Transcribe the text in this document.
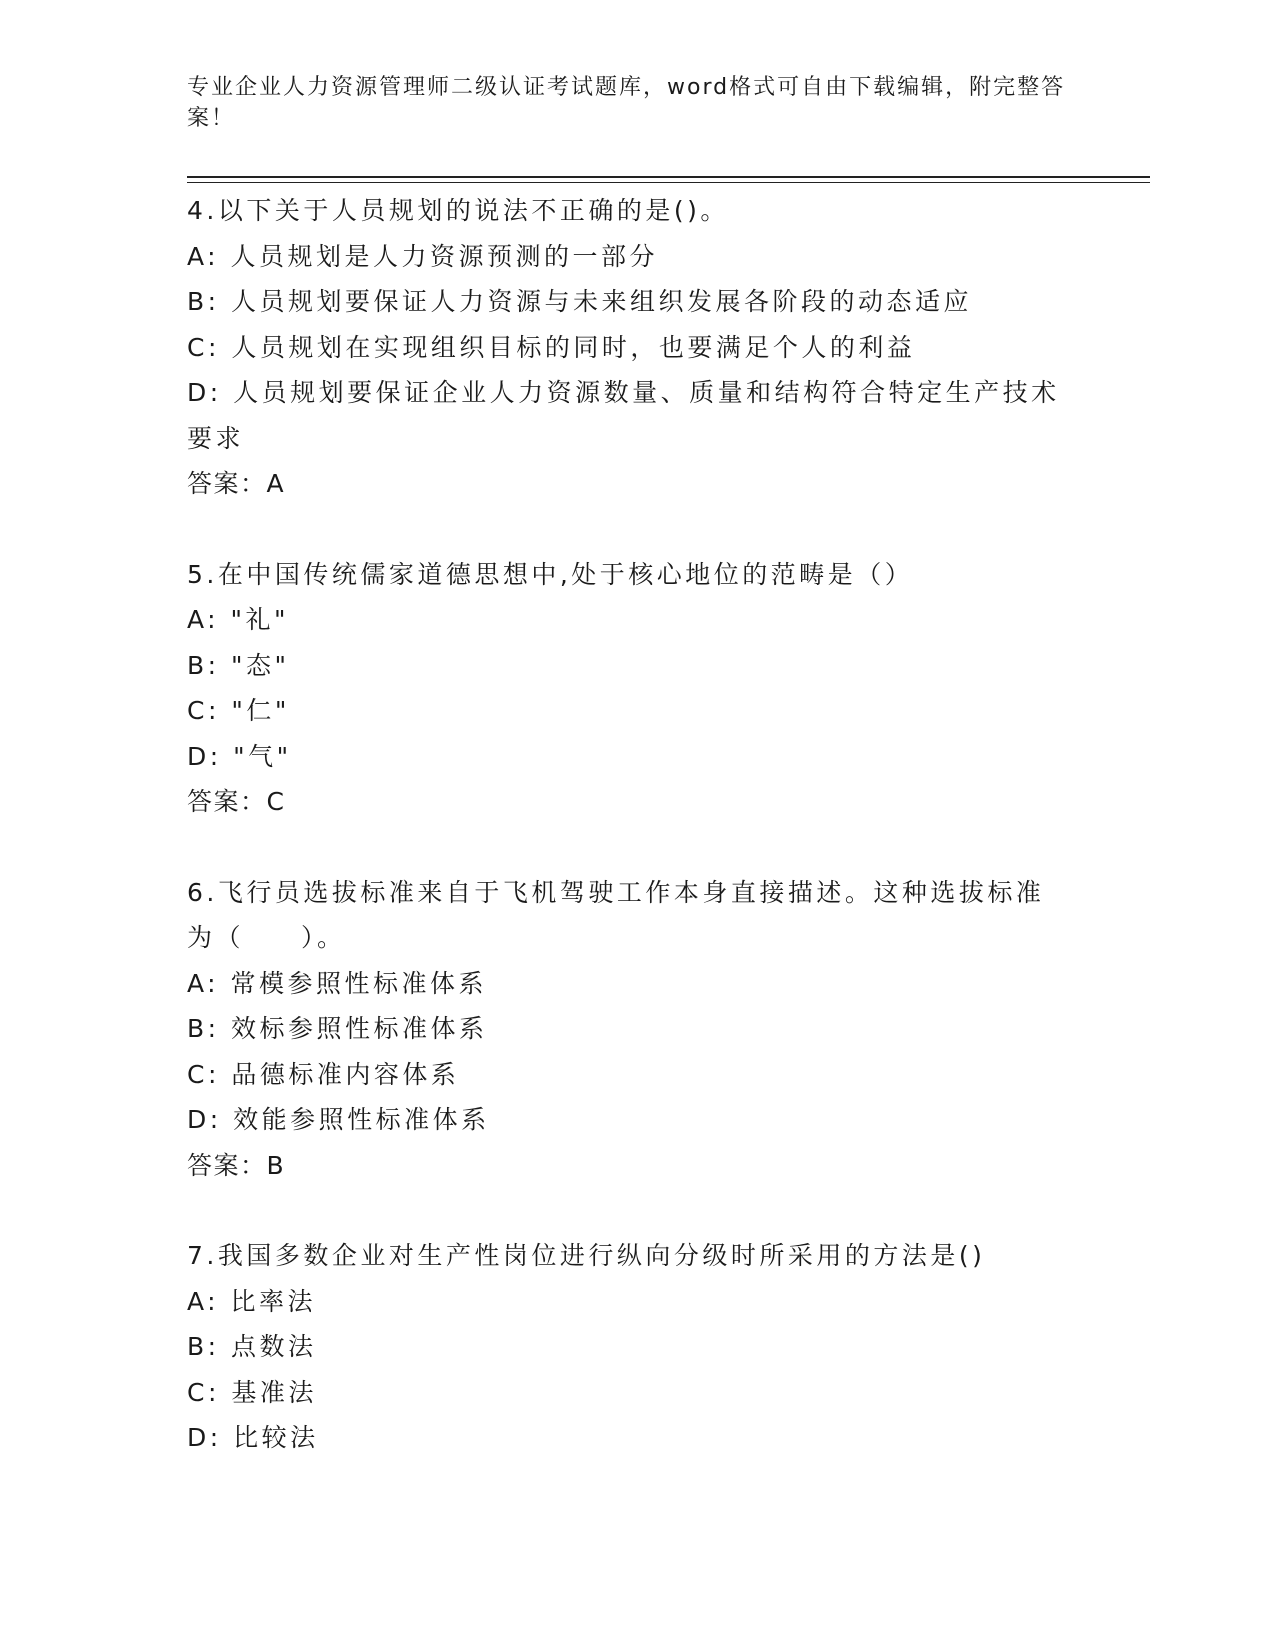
专业企业人力资源管理师二级认证考试题库，word格式可自由下载编辑，附完整答案！
4.以下关于人员规划的说法不正确的是()。
A: 人员规划是人力资源预测的一部分
B: 人员规划要保证人力资源与未来组织发展各阶段的动态适应
C: 人员规划在实现组织目标的同时，也要满足个人的利益
D: 人员规划要保证企业人力资源数量、质量和结构符合特定生产技术要求
答案：A
5.在中国传统儒家道德思想中,处于核心地位的范畴是（）
A: "礼"
B: "态"
C: "仁"
D: "气"
答案：C
6.飞行员选拔标准来自于飞机驾驶工作本身直接描述。这种选拔标准为（　　）。
A: 常模参照性标准体系
B: 效标参照性标准体系
C: 品德标准内容体系
D: 效能参照性标准体系
答案：B
7.我国多数企业对生产性岗位进行纵向分级时所采用的方法是()
A: 比率法
B: 点数法
C: 基准法
D: 比较法
